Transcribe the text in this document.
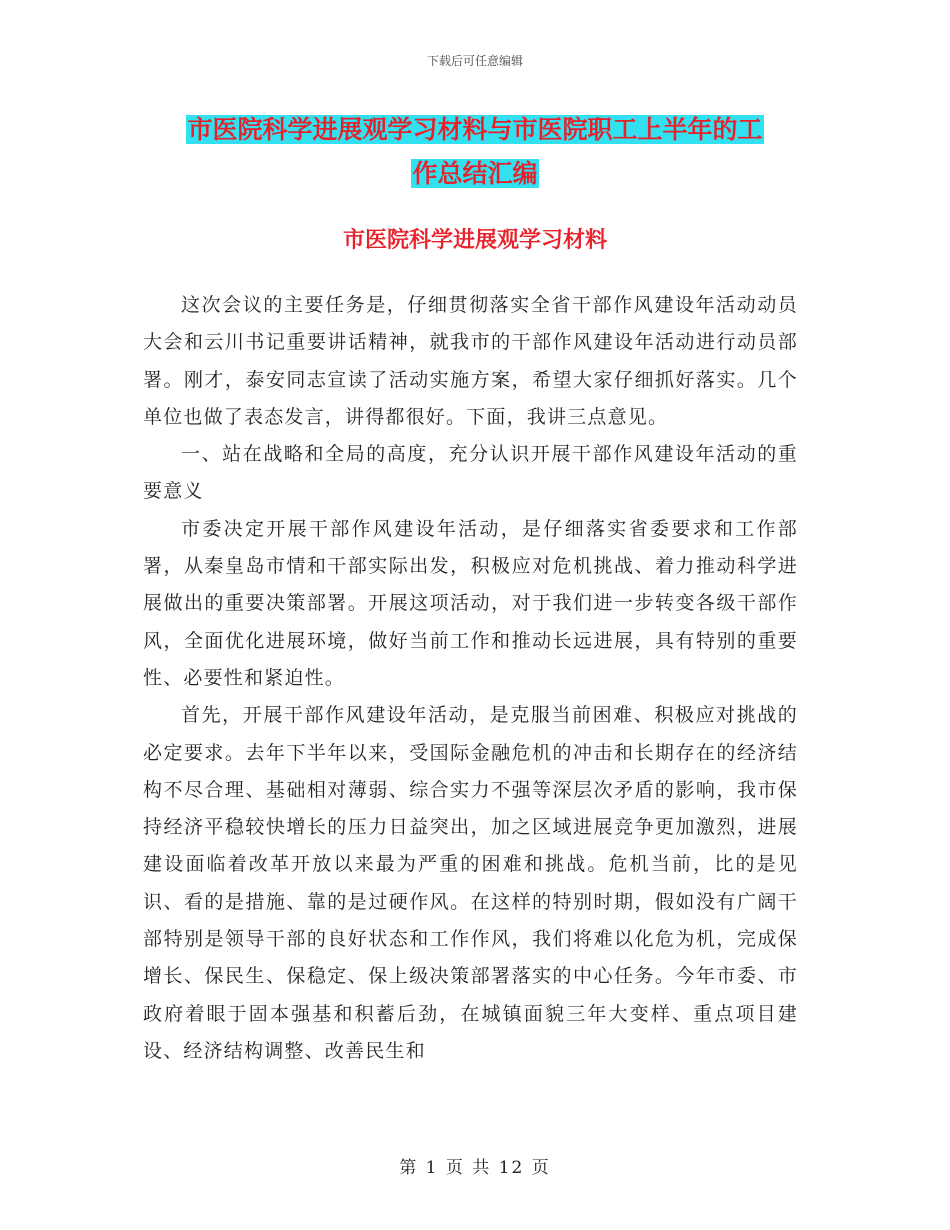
下载后可任意编辑
市医院科学进展观学习材料与市医院职工上半年的工
作总结汇编
市医院科学进展观学习材料

这次会议的主要任务是，仔细贯彻落实全省干部作风建设年活动动员大会和云川书记重要讲话精神，就我市的干部作风建设年活动进行动员部署。刚才，泰安同志宣读了活动实施方案，希望大家仔细抓好落实。几个单位也做了表态发言，讲得都很好。下面，我讲三点意见。

一、站在战略和全局的高度，充分认识开展干部作风建设年活动的重要意义

市委决定开展干部作风建设年活动，是仔细落实省委要求和工作部署，从秦皇岛市情和干部实际出发，积极应对危机挑战、着力推动科学进展做出的重要决策部署。开展这项活动，对于我们进一步转变各级干部作风，全面优化进展环境，做好当前工作和推动长远进展，具有特别的重要性、必要性和紧迫性。

首先，开展干部作风建设年活动，是克服当前困难、积极应对挑战的必定要求。去年下半年以来，受国际金融危机的冲击和长期存在的经济结构不尽合理、基础相对薄弱、综合实力不强等深层次矛盾的影响，我市保持经济平稳较快增长的压力日益突出，加之区域进展竞争更加激烈，进展建设面临着改革开放以来最为严重的困难和挑战。危机当前，比的是见识、看的是措施、靠的是过硬作风。在这样的特别时期，假如没有广阔干部特别是领导干部的良好状态和工作作风，我们将难以化危为机，完成保增长、保民生、保稳定、保上级决策部署落实的中心任务。今年市委、市政府着眼于固本强基和积蓄后劲，在城镇面貌三年大变样、重点项目建设、经济结构调整、改善民生和

第 1 页 共 12 页
